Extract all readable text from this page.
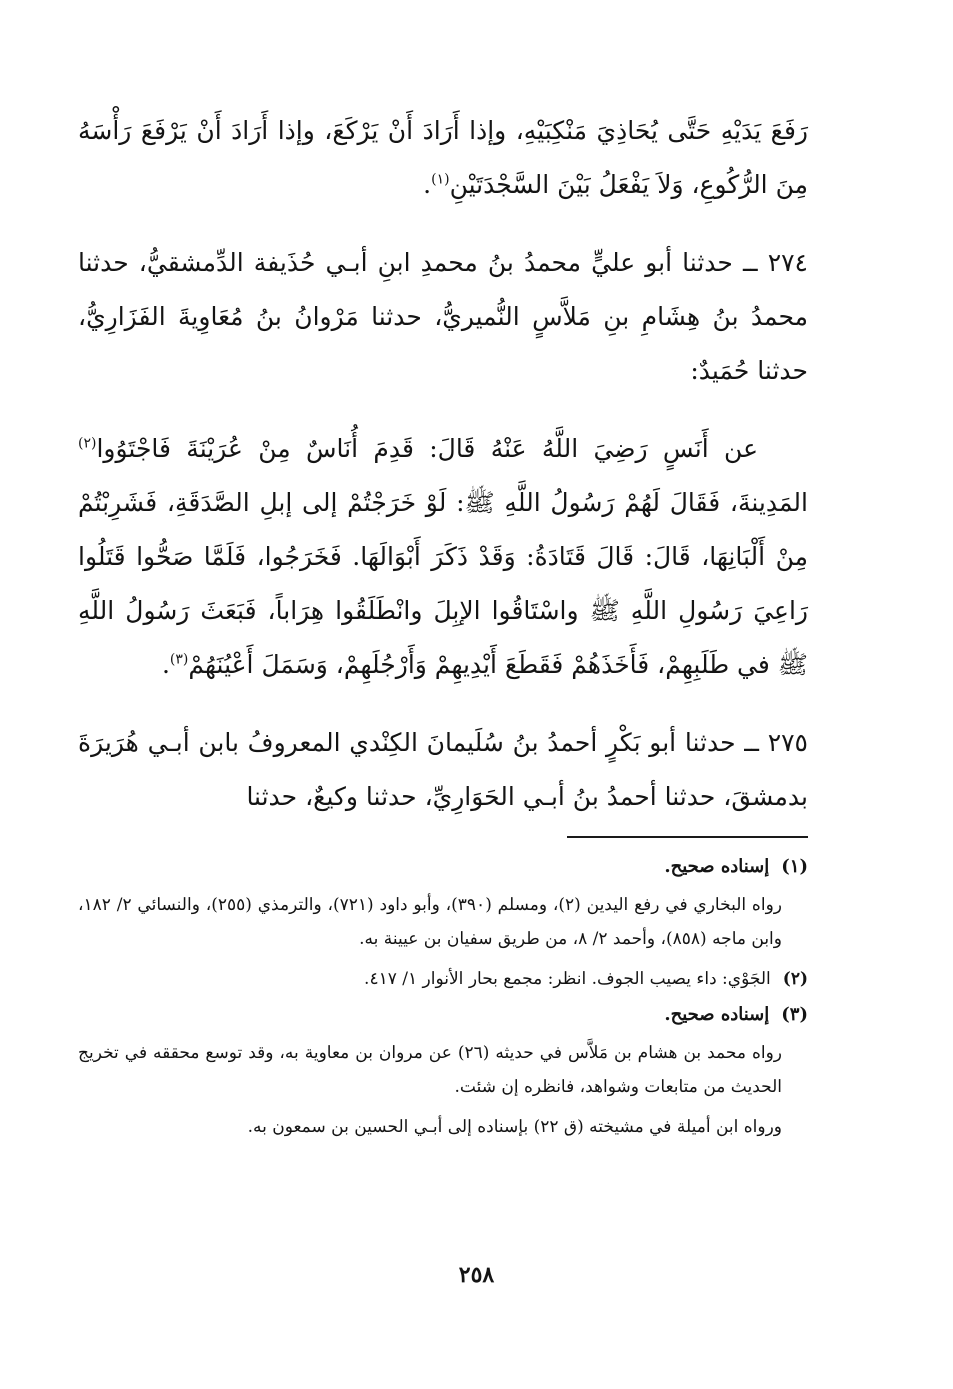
رَفَعَ يَدَيْهِ حَتَّى يُحَاذِيَ مَنْكِبَيْهِ، وإذا أَرَادَ أَنْ يَرْكَعَ، وإذا أَرَادَ أَنْ يَرْفَعَ رَأْسَهُ مِنَ الرُّكُوعِ، وَلاَ يَفْعَلُ بَيْنَ السَّجْدَتَيْنِ$^{(١)}$.

٢٧٤ ــ حدثنا أبو عليٍّ محمدُ بنُ محمدِ ابنِ أبـي حُذَيفة الدِّمشقيُّ، حدثنا محمدُ بنُ هِشَامِ بنِ مَلاَّسٍ النُّميريُّ، حدثنا مَرْوانُ بنُ مُعَاوِيةَ الفَزَارِيُّ، حدثنا حُمَيدٌ:

عن أَنَسٍ رَضِيَ اللَّهُ عَنْهُ قَالَ: قَدِمَ أُنَاسٌ مِنْ عُرَيْنَةَ فَاجْتَوُوا$^{(٢)}$ المَدِينةَ، فَقَالَ لَهُمْ رَسُولُ اللَّهِ ﷺ: لَوْ خَرَجْتُمْ إلى إبلِ الصَّدَقَةِ، فَشَرِبْتُمْ مِنْ أَلْبَانِهَا، قَالَ: قَالَ قَتَادَةُ: وَقَدْ ذَكَرَ أَبْوَالَهَا. فَخَرَجُوا، فَلَمَّا صَحُّوا قَتَلُوا رَاعِيَ رَسُولِ اللَّهِ ﷺ واسْتَاقُوا الإبِلَ وانْطَلَقُوا هِرَاباً، فَبَعَثَ رَسُولُ اللَّهِ ﷺ في طَلَبِهِمْ، فَأَخَذَهُمْ فَقَطَعَ أَيْدِيهِمْ وَأَرْجُلَهِمْ، وَسَمَلَ أَعْيُنَهُمْ$^{(٣)}$.

٢٧٥ ــ حدثنا أبو بَكْرٍ أحمدُ بنُ سُلَيمانَ الكِنْدي المعروفُ بابن أبـي هُرَيرَةَ بدمشقَ، حدثنا أحمدُ بنُ أبـي الحَوَارِيِّ، حدثنا وكيعٌ، حدثنا

(١)إسناده صحيح.

رواه البخاري في رفع اليدين (٢)، ومسلم (٣٩٠)، وأبو داود (٧٢١)، والترمذي (٢٥٥)، والنسائي ٢/ ١٨٢، وابن ماجه (٨٥٨)، وأحمد ٢/ ٨، من طريق سفيان بن عيينة به.

(٢)الجَوْي: داء يصيب الجوف. انظر: مجمع بحار الأنوار ١/ ٤١٧.

(٣)إسناده صحيح.

رواه محمد بن هشام بن مَلاَّس في حديثه (٢٦) عن مروان بن معاوية به، وقد توسع محققه في تخريج الحديث من متابعات وشواهد، فانظره إن شئت.

ورواه ابن أميلة في مشيخته (ق ٢٢) بإسناده إلى أبـي الحسين بن سمعون به.

٢٥٨
